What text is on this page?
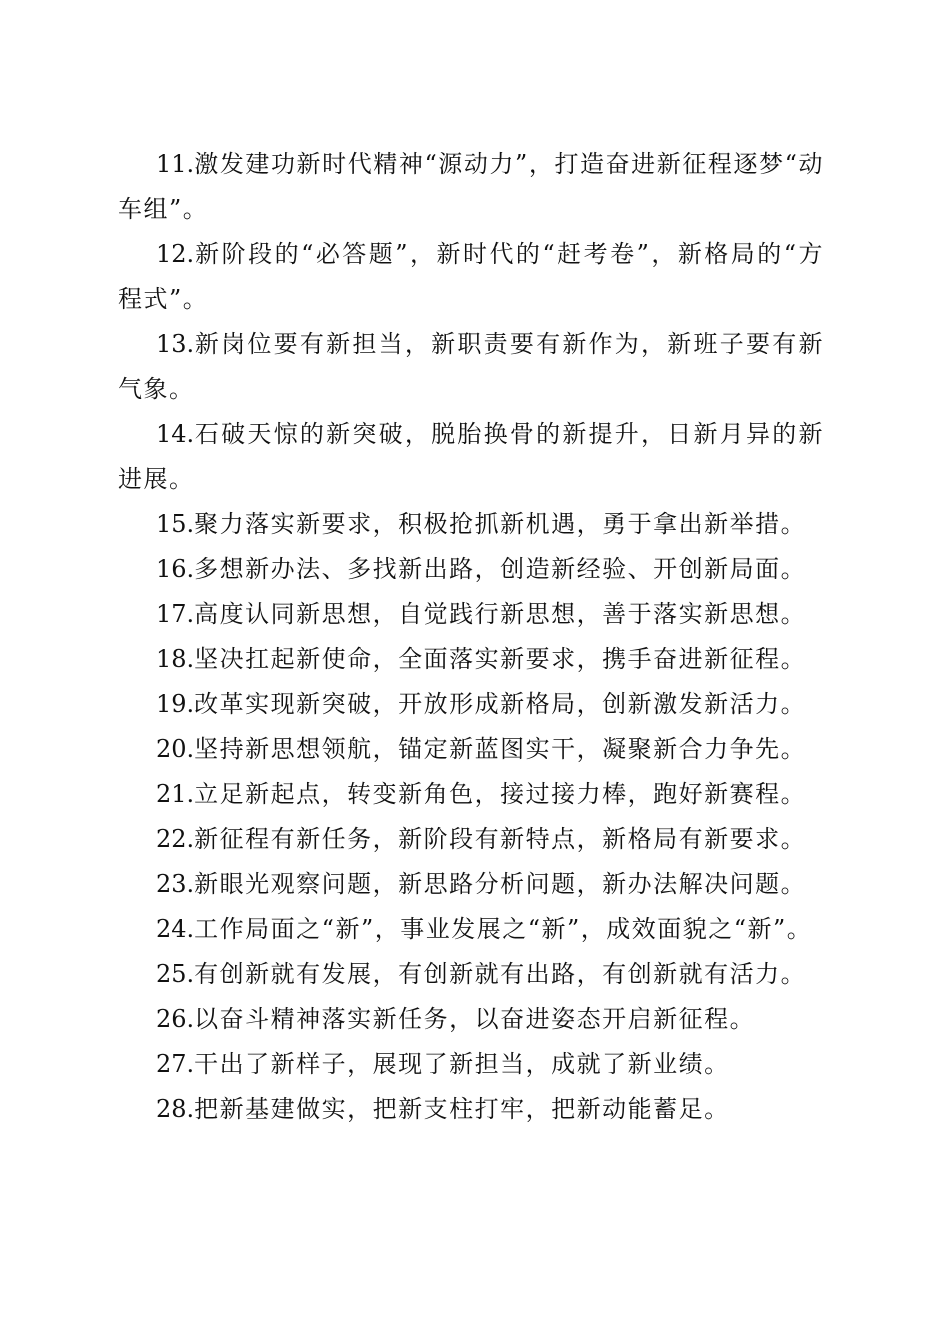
11.激发建功新时代精神“源动力”，打造奋进新征程逐梦“动车组”。

12.新阶段的“必答题”，新时代的“赶考卷”，新格局的“方程式”。

13.新岗位要有新担当，新职责要有新作为，新班子要有新气象。

14.石破天惊的新突破，脱胎换骨的新提升，日新月异的新进展。

15.聚力落实新要求，积极抢抓新机遇，勇于拿出新举措。

16.多想新办法、多找新出路，创造新经验、开创新局面。

17.高度认同新思想，自觉践行新思想，善于落实新思想。

18.坚决扛起新使命，全面落实新要求，携手奋进新征程。

19.改革实现新突破，开放形成新格局，创新激发新活力。

20.坚持新思想领航，锚定新蓝图实干，凝聚新合力争先。

21.立足新起点，转变新角色，接过接力棒，跑好新赛程。

22.新征程有新任务，新阶段有新特点，新格局有新要求。

23.新眼光观察问题，新思路分析问题，新办法解决问题。

24.工作局面之“新”，事业发展之“新”，成效面貌之“新”。

25.有创新就有发展，有创新就有出路，有创新就有活力。

26.以奋斗精神落实新任务，以奋进姿态开启新征程。

27.干出了新样子，展现了新担当，成就了新业绩。

28.把新基建做实，把新支柱打牢，把新动能蓄足。
